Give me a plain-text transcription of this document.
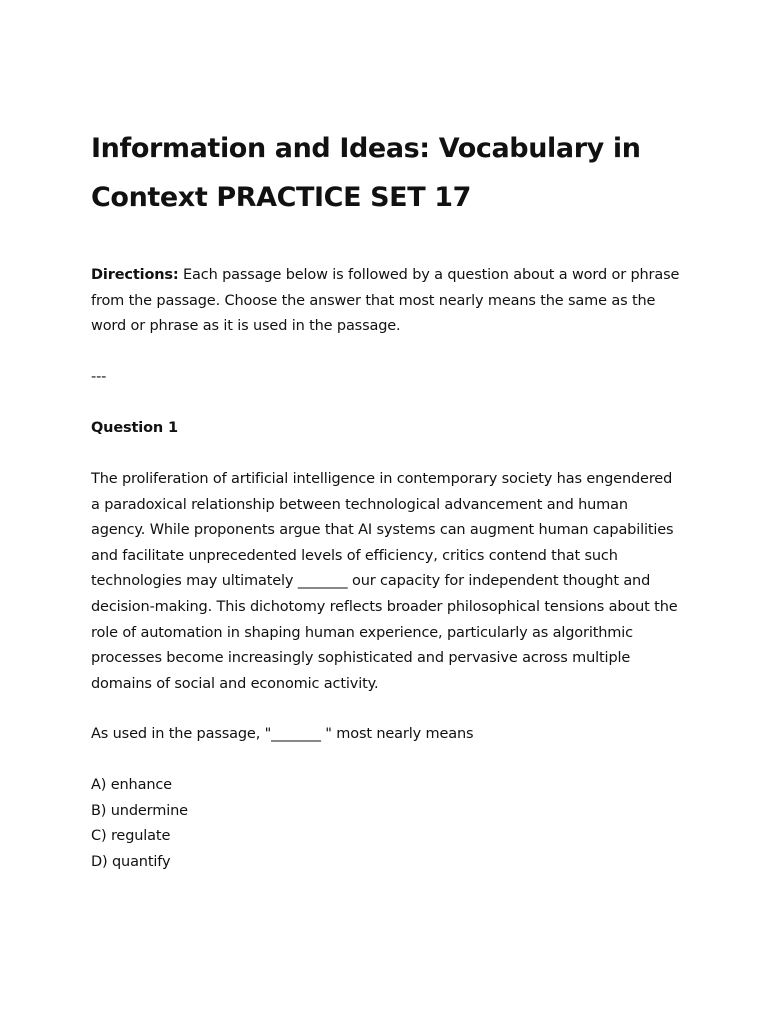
Information and Ideas: Vocabulary in Context PRACTICE SET 17

Directions: Each passage below is followed by a question about a word or phrase from the passage. Choose the answer that most nearly means the same as the word or phrase as it is used in the passage.

---

Question 1

The proliferation of artificial intelligence in contemporary society has engendered a paradoxical relationship between technological advancement and human agency. While proponents argue that AI systems can augment human capabilities and facilitate unprecedented levels of efficiency, critics contend that such technologies may ultimately _______ our capacity for independent thought and decision-making. This dichotomy reflects broader philosophical tensions about the role of automation in shaping human experience, particularly as algorithmic processes become increasingly sophisticated and pervasive across multiple domains of social and economic activity.

As used in the passage, "_______ " most nearly means

A) enhance
B) undermine
C) regulate
D) quantify
